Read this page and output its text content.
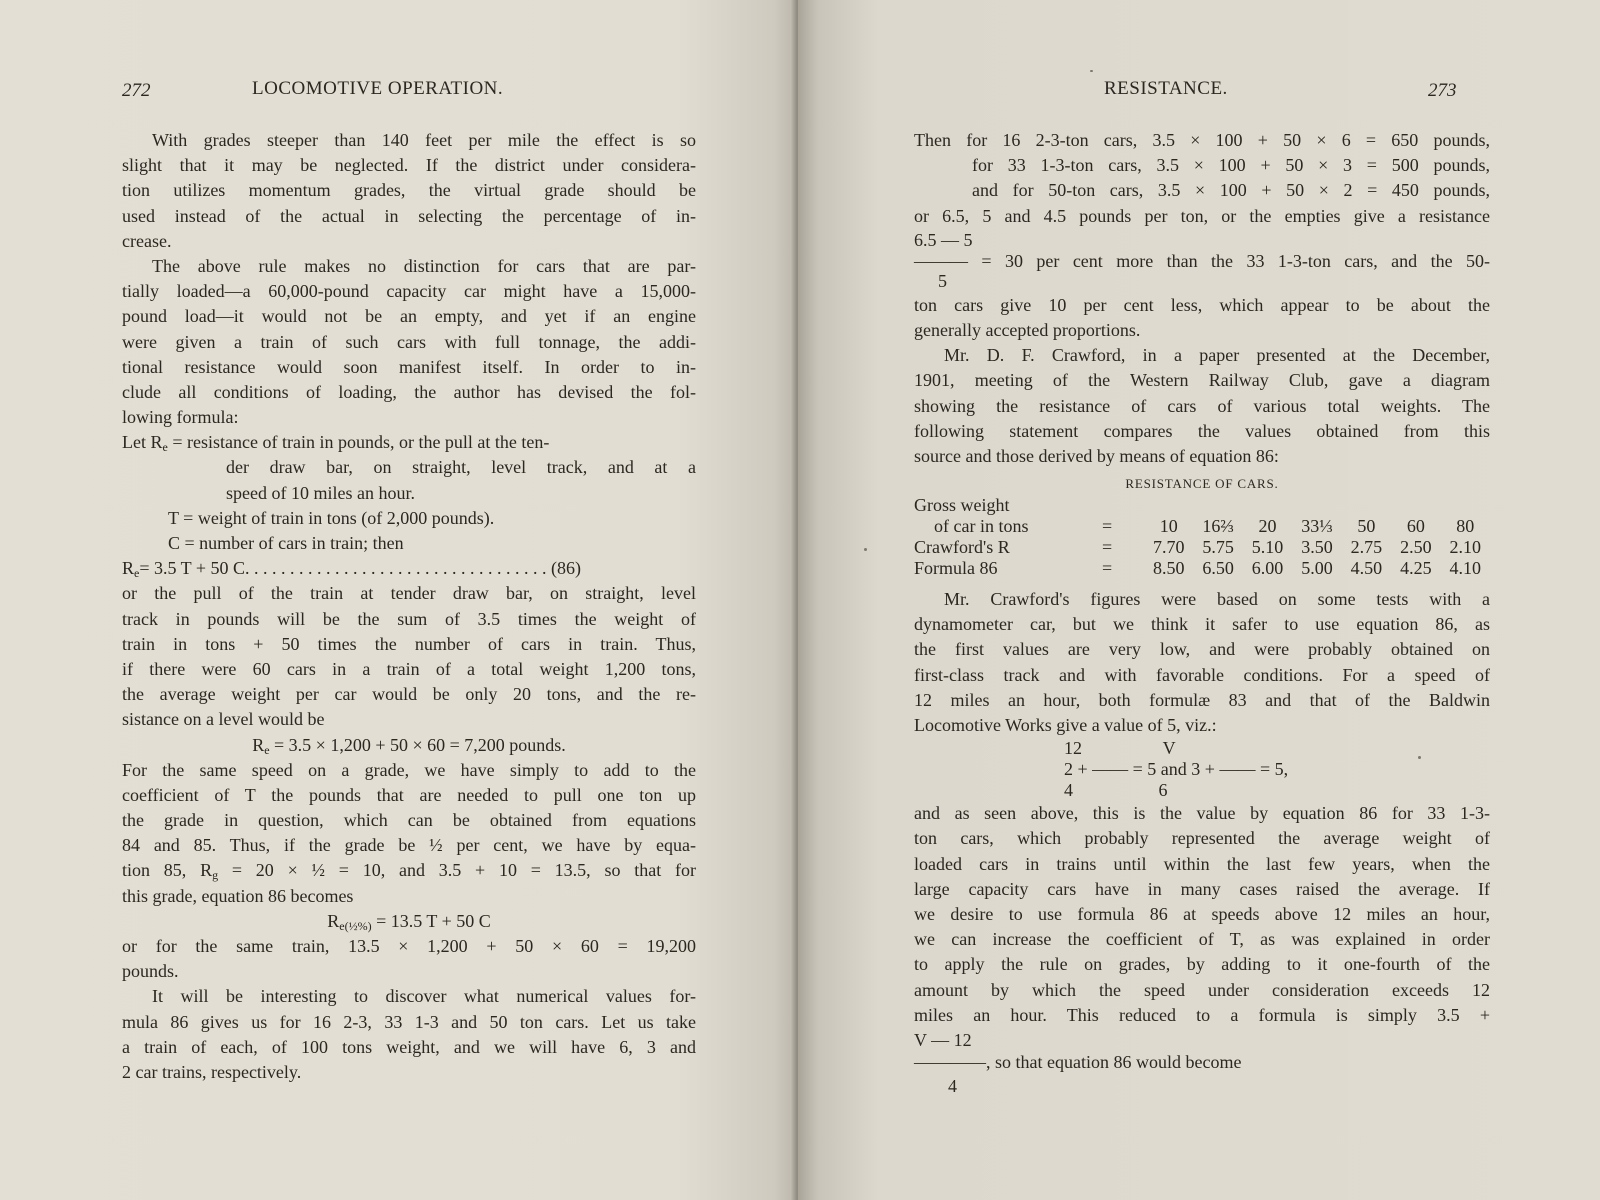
272	LOCOMOTIVE OPERATION.
With grades steeper than 140 feet per mile the effect is so
slight that it may be neglected. If the district under considera-
tion utilizes momentum grades, the virtual grade should be
used instead of the actual in selecting the percentage of in-
crease.
The above rule makes no distinction for cars that are par-
tially loaded—a 60,000-pound capacity car might have a 15,000-
pound load—it would not be an empty, and yet if an engine
were given a train of such cars with full tonnage, the addi-
tional resistance would soon manifest itself. In order to in-
clude all conditions of loading, the author has devised the fol-
lowing formula:
Let $R_e$ = resistance of train in pounds, or the pull at the ten-
der draw bar, on straight, level track, and at a
speed of 10 miles an hour.
T = weight of train in tons (of 2,000 pounds).
C = number of cars in train; then
$R_e= 3.5$ T + 50 C. . . . . . . . . . . . . . . . . . . . . . . . . . . . . . . . . . (86)
or the pull of the train at tender draw bar, on straight, level
track in pounds will be the sum of 3.5 times the weight of
train in tons + 50 times the number of cars in train. Thus,
if there were 60 cars in a train of a total weight 1,200 tons,
the average weight per car would be only 20 tons, and the re-
sistance on a level would be
$R_e = 3.5 \times 1,200 + 50 \times 60 = 7,200$ pounds.
For the same speed on a grade, we have simply to add to the
coefficient of T the pounds that are needed to pull one ton up
the grade in question, which can be obtained from equations
84 and 85. Thus, if the grade be ½ per cent, we have by equa-
tion 85, $R_g = 20$ × ½ = 10, and 3.5 + 10 = 13.5, so that for
this grade, equation 86 becomes
$R_{e(\frac{1}{2}\%)} = 13.5$ T + 50 C
or for the same train, 13.5 × 1,200 + 50 × 60 = 19,200
pounds.
It will be interesting to discover what numerical values for-
mula 86 gives us for 16 2-3, 33 1-3 and 50 ton cars. Let us take
a train of each, of 100 tons weight, and we will have 6, 3 and
2 car trains, respectively.
RESISTANCE.	273
Then for 16 2-3-ton cars, 3.5 × 100 + 50 × 6 = 650 pounds,
for 33 1-3-ton cars, 3.5 × 100 + 50 × 3 = 500 pounds,
and for 50-ton cars, 3.5 × 100 + 50 × 2 = 450 pounds,
or 6.5, 5 and 4.5 pounds per ton, or the empties give a resistance
6.5 — 5
——— = 30 per cent more than the 33 1-3-ton cars, and the 50-
5
ton cars give 10 per cent less, which appear to be about the
generally accepted proportions.
Mr. D. F. Crawford, in a paper presented at the December,
1901, meeting of the Western Railway Club, gave a diagram
showing the resistance of cars of various total weights. The
following statement compares the values obtained from this
source and those derived by means of equation 86:
RESISTANCE OF CARS.
Gross weight								
of car in tons	=	10	16⅔	20	33⅓	50	60	80
Crawford's R	=	7.70	5.75	5.10	3.50	2.75	2.50	2.10
Formula 86	=	8.50	6.50	6.00	5.00	4.50	4.25	4.10
Mr. Crawford's figures were based on some tests with a
dynamometer car, but we think it safer to use equation 86, as
the first values are very low, and were probably obtained on
first-class track and with favorable conditions. For a speed of
12 miles an hour, both formulæ 83 and that of the Baldwin
Locomotive Works give a value of 5, viz.:
12                  V
2 + —— = 5 and 3 + —— = 5,
4                   6
and as seen above, this is the value by equation 86 for 33 1-3-
ton cars, which probably represented the average weight of
loaded cars in trains until within the last few years, when the
large capacity cars have in many cases raised the average. If
we desire to use formula 86 at speeds above 12 miles an hour,
we can increase the coefficient of T, as was explained in order
to apply the rule on grades, by adding to it one-fourth of the
amount by which the speed under consideration exceeds 12
miles an hour. This reduced to a formula is simply 3.5 +
V — 12
————, so that equation 86 would become
4
